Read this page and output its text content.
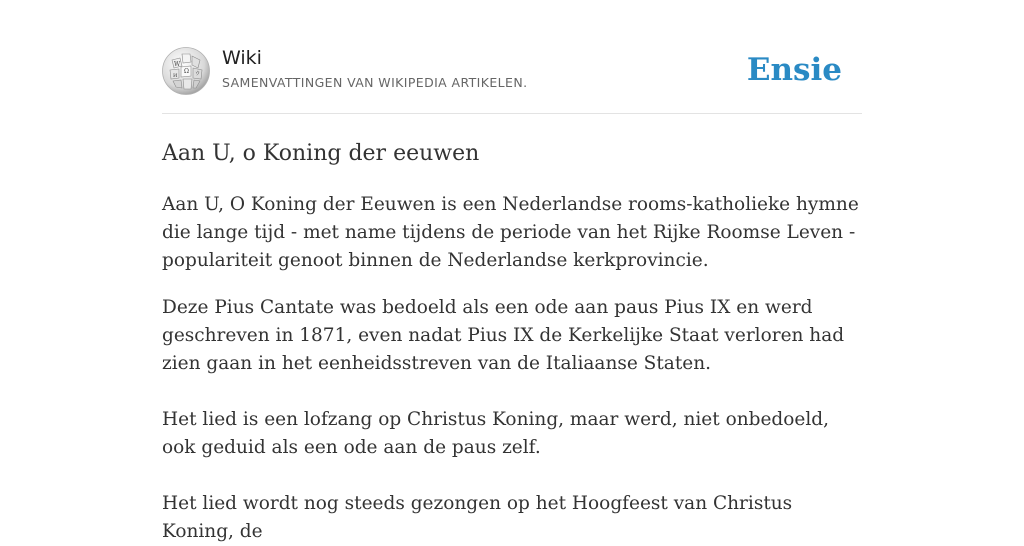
W
Ω
И	ウ
Wiki
SAMENVATTINGEN VAN WIKIPEDIA ARTIKELEN.	Ensie
Aan U, o Koning der eeuwen

Aan U, O Koning der Eeuwen is een Nederlandse rooms-katholieke hymne die lange tijd - met name tijdens de periode van het Rijke Roomse Leven - populariteit genoot binnen de Nederlandse kerkprovincie.

Deze Pius Cantate was bedoeld als een ode aan paus Pius IX en werd geschreven in 1871, even nadat Pius IX de Kerkelijke Staat verloren had zien gaan in het eenheidsstreven van de Italiaanse Staten.

Het lied is een lofzang op Christus Koning, maar werd, niet onbedoeld, ook geduid als een ode aan de paus zelf.

Het lied wordt nog steeds gezongen op het Hoogfeest van Christus Koning, de
